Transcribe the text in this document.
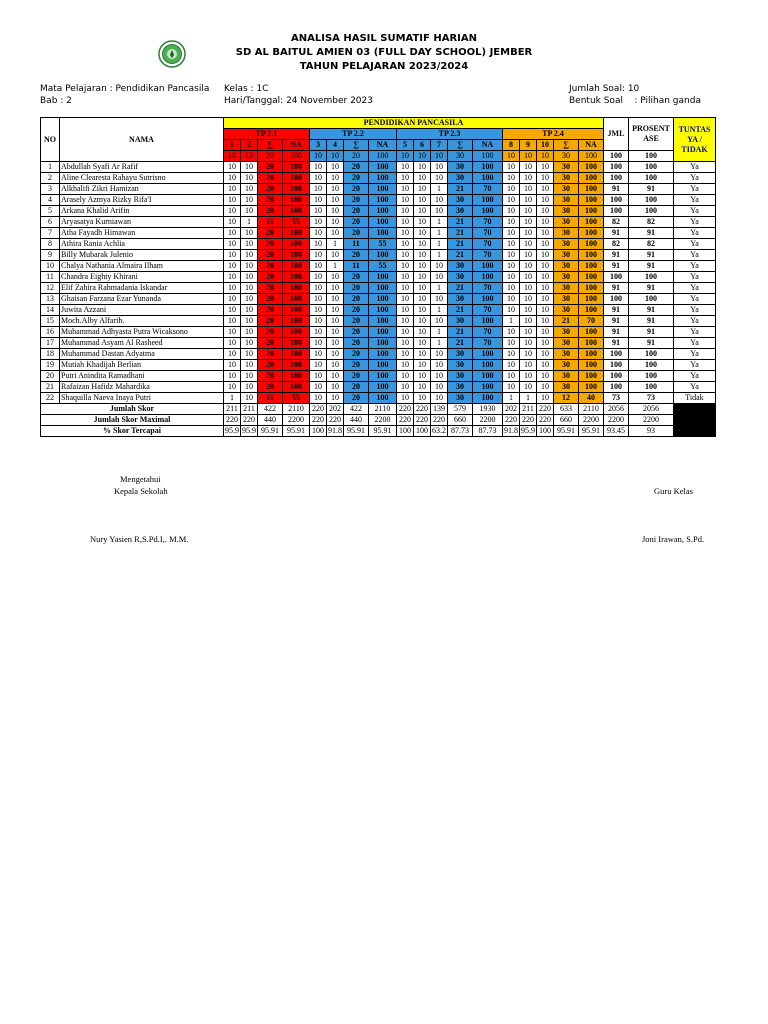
ANALISA HASIL SUMATIF HARIAN
SD AL BAITUL AMIEN 03 (FULL DAY SCHOOL) JEMBER
TAHUN PELAJARAN 2023/2024
Mata Pelajaran : Pendidikan Pancasila
Bab : 2
Kelas : 1C
Hari/Tanggal: 24 November 2023
Jumlah Soal: 10
Bentuk Soal    : Pilihan ganda
NO	NAMA	PENDIDIKAN PANCASILA																		JML	PROSENT ASE	TUNTAS YA / TIDAK
		TP 2.1				TP 2.2				TP 2.3					TP 2.4							
		1	2	∑	NA	3	4	∑	NA	5	6	7	∑	NA	8	9	10	∑	NA			
		10	10	20	100	10	10	20	100	10	10	10	30	100	10	10	10	30	100	100	100	
1	Abdullah Syafi Ar Rafif	10	10	20	100	10	10	20	100	10	10	10	30	100	10	10	10	30	100	100	100	Ya
2	Aline Clearesta Rahayu Sutrisno	10	10	20	100	10	10	20	100	10	10	10	30	100	10	10	10	30	100	100	100	Ya
3	Alkhalifi Zikri Hamizan	10	10	20	100	10	10	20	100	10	10	1	21	70	10	10	10	30	100	91	91	Ya
4	Arasely Azmya Rizky Rifa'I	10	10	20	100	10	10	20	100	10	10	10	30	100	10	10	10	30	100	100	100	Ya
5	Arkana Khalid Arifin	10	10	20	100	10	10	20	100	10	10	10	30	100	10	10	10	30	100	100	100	Ya
6	Aryasatya Kurniawan	10	1	11	55	10	10	20	100	10	10	1	21	70	10	10	10	30	100	82	82	Ya
7	Atha Fayadh Himawan	10	10	20	100	10	10	20	100	10	10	1	21	70	10	10	10	30	100	91	91	Ya
8	Athira Rania Achlia	10	10	20	100	10	1	11	55	10	10	1	21	70	10	10	10	30	100	82	82	Ya
9	Billy Mubarak Julenio	10	10	20	100	10	10	20	100	10	10	1	21	70	10	10	10	30	100	91	91	Ya
10	Chalya Nathania Almaira Ilham	10	10	20	100	10	1	11	55	10	10	10	30	100	10	10	10	30	100	91	91	Ya
11	Chandra Eighty Khirani	10	10	20	100	10	10	20	100	10	10	10	30	100	10	10	10	30	100	100	100	Ya
12	Elif Zahira Rahmadania Iskandar	10	10	20	100	10	10	20	100	10	10	1	21	70	10	10	10	30	100	91	91	Ya
13	Ghaisan Farzana Ezar Yunanda	10	10	20	100	10	10	20	100	10	10	10	30	100	10	10	10	30	100	100	100	Ya
14	Juwita Azzani	10	10	20	100	10	10	20	100	10	10	1	21	70	10	10	10	30	100	91	91	Ya
15	Moch.Alby Alfarih.	10	10	20	100	10	10	20	100	10	10	10	30	100	1	10	10	21	70	91	91	Ya
16	Muhammad Adhyasta Putra Wicaksono	10	10	20	100	10	10	20	100	10	10	1	21	70	10	10	10	30	100	91	91	Ya
17	Muhammad Asyam Al Rasheed	10	10	20	100	10	10	20	100	10	10	1	21	70	10	10	10	30	100	91	91	Ya
18	Muhammad Dastan Adyatma	10	10	20	100	10	10	20	100	10	10	10	30	100	10	10	10	30	100	100	100	Ya
19	Mutiah Khadijah Berlian	10	10	20	100	10	10	20	100	10	10	10	30	100	10	10	10	30	100	100	100	Ya
20	Putri Anindita Ramadhani	10	10	20	100	10	10	20	100	10	10	10	30	100	10	10	10	30	100	100	100	Ya
21	Rafaizan Hafidz Mahardika	10	10	20	100	10	10	20	100	10	10	10	30	100	10	10	10	30	100	100	100	Ya
22	Shaquilla Naeva Inaya Putri	1	10	11	55	10	10	20	100	10	10	10	30	100	1	1	10	12	40	73	73	Tidak
Jumlah Skor		211	211	422	2110	220	202	422	2110	220	220	139	579	1930	202	211	220	633	2110	2056	2056	
Jumlah Skor Maximal		220	220	440	2200	220	220	440	2200	220	220	220	660	2200	220	220	220	660	2200	2200	2200	
% Skor Tercapai		95.9	95.9	95.91	95.91	100	91.8	95.91	95.91	100	100	63.2	87.73	87.73	91.8	95.9	100	95.91	95.91	93.45	93	
Mengetahui
Kepala Sekolah	Guru Kelas
Nury Yasien R,S.Pd.I,. M.M.	Joni Irawan, S.Pd.
